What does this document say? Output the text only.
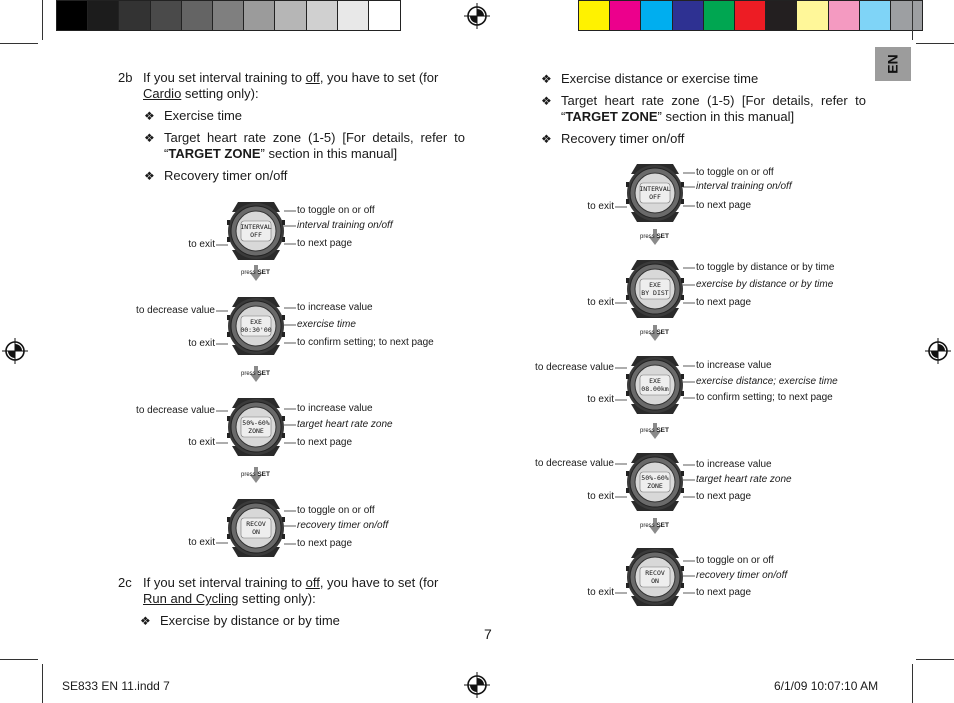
EN
2b If you set interval training to off, you have to set (for
Cardio setting only):
❖ Exercise time
❖ Target heart rate zone (1-5) [For details, refer to
“TARGET ZONE” section in this manual]
❖ Recovery timer on/off
2c If you set interval training to off, you have to set (for
Run and Cycling setting only):
❖ Exercise by distance or by time
7
❖ Exercise distance or exercise time
❖ Target heart rate zone (1-5) [For details, refer to
“TARGET ZONE” section in this manual]
❖ Recovery timer on/off
INTERVAL
OFF
to toggle on or off
interval training on/off
to next page
to exit
press SET
EXE
00:30'00
to increase value
exercise time
to confirm setting; to next page
to decrease value
to exit
press SET
50%-60%
ZONE
to increase value
target heart rate zone
to next page
to decrease value
to exit
press SET
RECOV
ON
to toggle on or off
recovery timer on/off
to next page
to exit
INTERVAL
OFF
to toggle on or off
interval training on/off
to next page
to exit
press SET
EXE
BY DIST
to toggle by distance or by time
exercise by distance or by time
to next page
to exit
press SET
EXE
08.00km
to increase value
exercise distance; exercise time
to confirm setting; to next page
to decrease value
to exit
press SET
50%-60%
ZONE
to increase value
target heart rate zone
to next page
to decrease value
to exit
press SET
RECOV
ON
to toggle on or off
recovery timer on/off
to next page
to exit
SE833 EN 11.indd 7	6/1/09 10:07:10 AM
